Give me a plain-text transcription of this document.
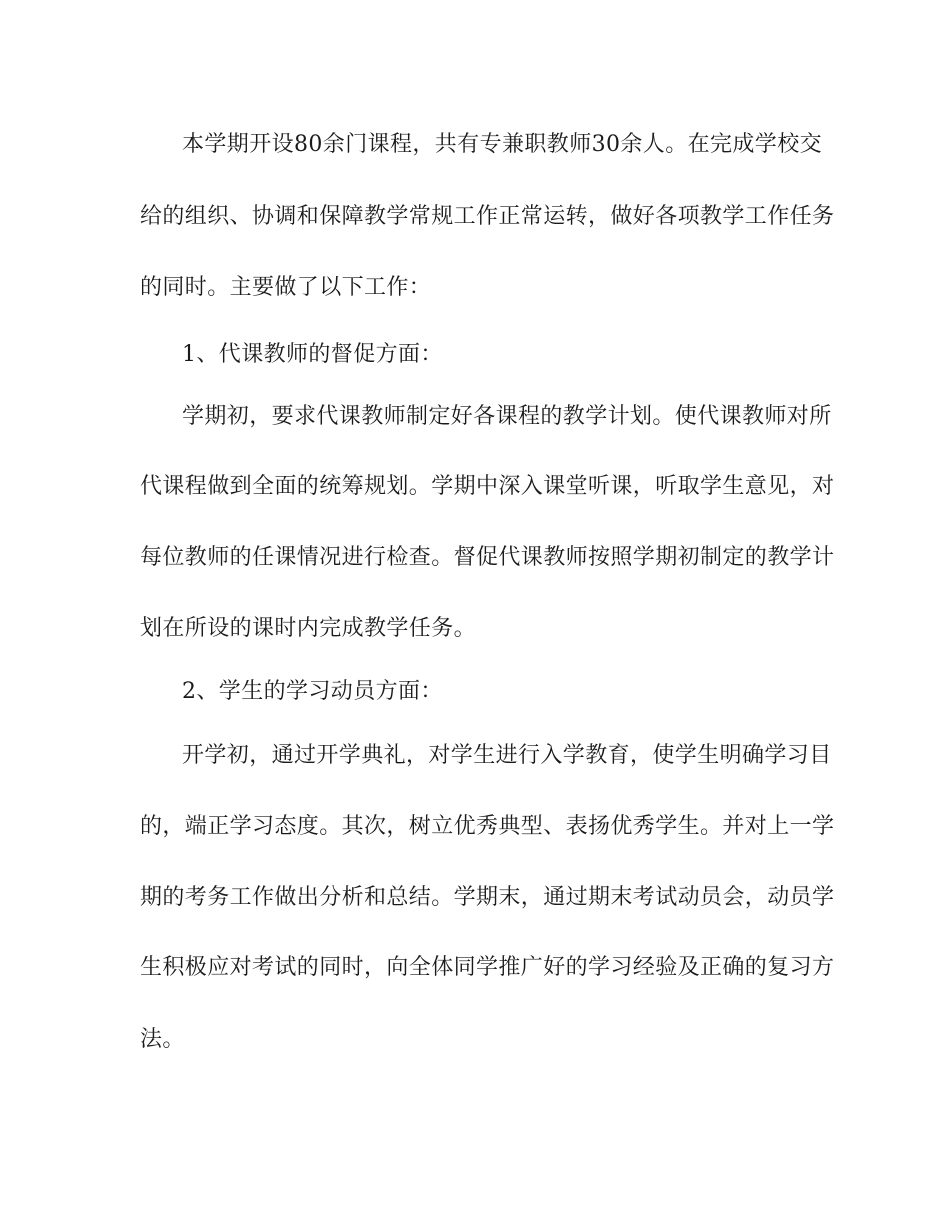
本学期开设80余门课程，共有专兼职教师30余人。在完成学校交
给的组织、协调和保障教学常规工作正常运转，做好各项教学工作任务
的同时。主要做了以下工作：
1、代课教师的督促方面：
学期初，要求代课教师制定好各课程的教学计划。使代课教师对所
代课程做到全面的统筹规划。学期中深入课堂听课，听取学生意见，对
每位教师的任课情况进行检查。督促代课教师按照学期初制定的教学计
划在所设的课时内完成教学任务。
2、学生的学习动员方面：
开学初，通过开学典礼，对学生进行入学教育，使学生明确学习目
的，端正学习态度。其次，树立优秀典型、表扬优秀学生。并对上一学
期的考务工作做出分析和总结。学期末，通过期末考试动员会，动员学
生积极应对考试的同时，向全体同学推广好的学习经验及正确的复习方
法。
